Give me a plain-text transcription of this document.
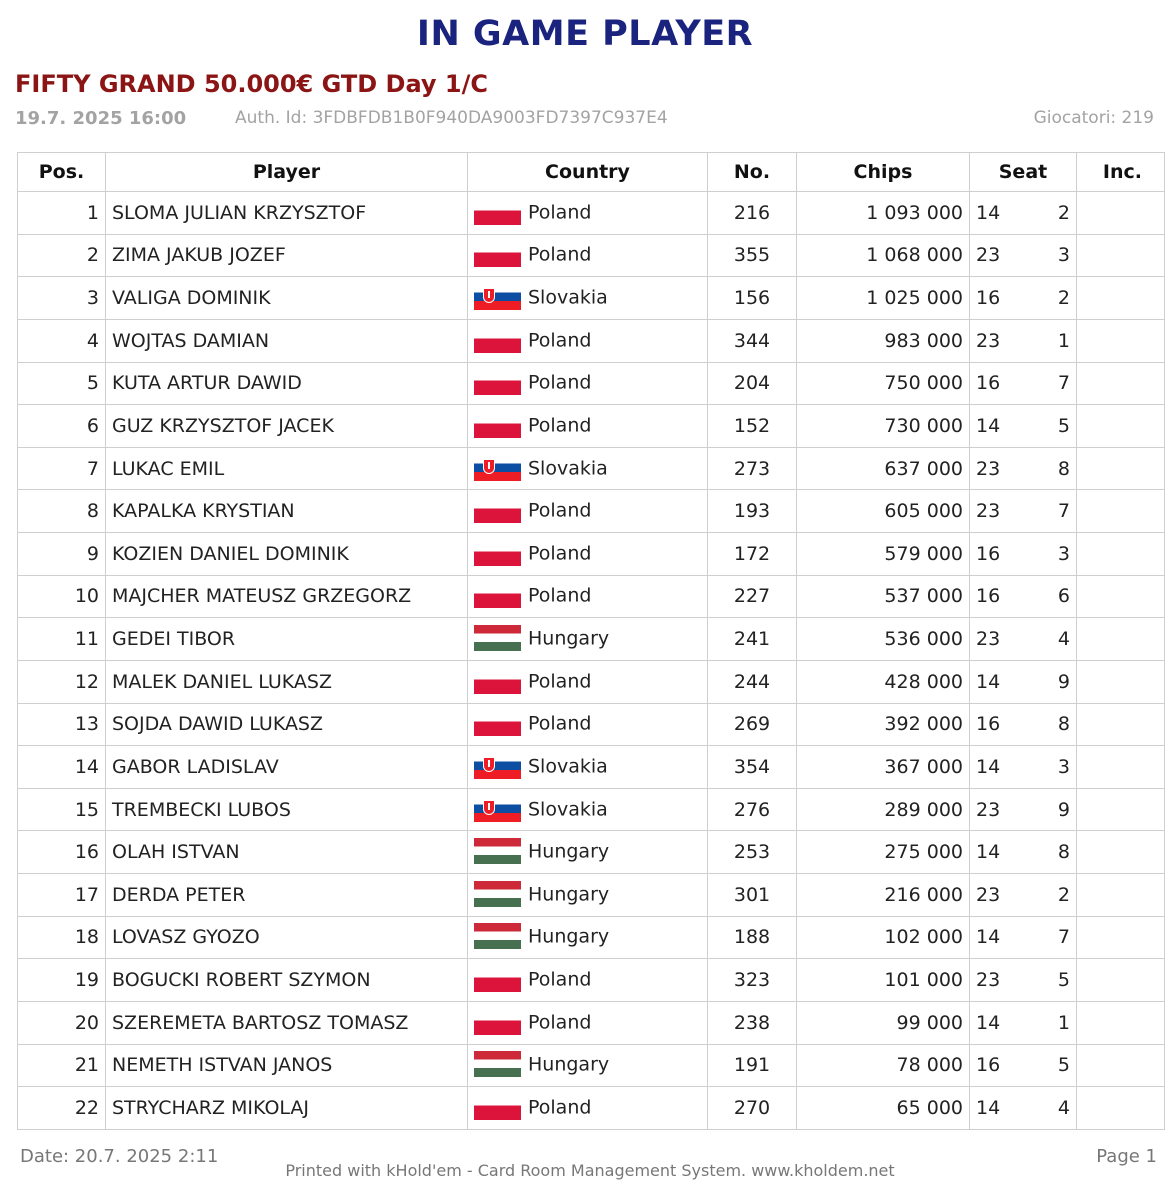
IN GAME PLAYER
FIFTY GRAND 50.000€ GTD Day 1/C
19.7. 2025 16:00	Auth. Id: 3FDBFDB1B0F940DA9003FD7397C937E4	Giocatori: 219
Pos.	Player	Country	No.	Chips	Seat	Inc.
1	SLOMA JULIAN KRZYSZTOF	Poland	216	1 093 000	14 2	

2	ZIMA JAKUB JOZEF	Poland	355	1 068 000	23 3	

3	VALIGA DOMINIK	Slovakia	156	1 025 000	16 2	

4	WOJTAS DAMIAN	Poland	344	983 000	23 1	

5	KUTA ARTUR DAWID	Poland	204	750 000	16 7	

6	GUZ KRZYSZTOF JACEK	Poland	152	730 000	14 5	

7	LUKAC EMIL	Slovakia	273	637 000	23 8	

8	KAPALKA KRYSTIAN	Poland	193	605 000	23 7	

9	KOZIEN DANIEL DOMINIK	Poland	172	579 000	16 3	

10	MAJCHER MATEUSZ GRZEGORZ	Poland	227	537 000	16 6	

11	GEDEI TIBOR	Hungary	241	536 000	23 4	

12	MALEK DANIEL LUKASZ	Poland	244	428 000	14 9	

13	SOJDA DAWID LUKASZ	Poland	269	392 000	16 8	

14	GABOR LADISLAV	Slovakia	354	367 000	14 3	

15	TREMBECKI LUBOS	Slovakia	276	289 000	23 9	

16	OLAH ISTVAN	Hungary	253	275 000	14 8	

17	DERDA PETER	Hungary	301	216 000	23 2	

18	LOVASZ GYOZO	Hungary	188	102 000	14 7	

19	BOGUCKI ROBERT SZYMON	Poland	323	101 000	23 5	

20	SZEREMETA BARTOSZ TOMASZ	Poland	238	99 000	14 1	

21	NEMETH ISTVAN JANOS	Hungary	191	78 000	16 5	

22	STRYCHARZ MIKOLAJ	Poland	270	65 000	14 4	

Date: 20.7. 2025 2:11
Printed with kHold'em - Card Room Management System. www.kholdem.net
Page 1
